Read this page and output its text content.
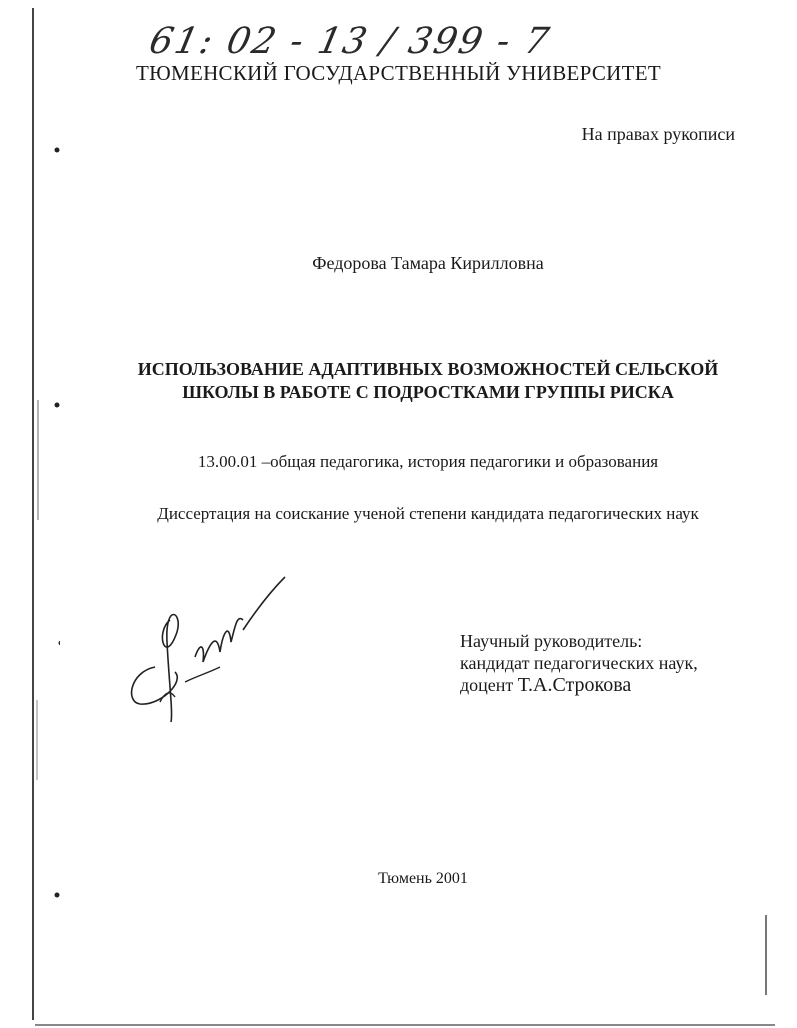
61: 02 - 13 / 399 - 7
ТЮМЕНСКИЙ ГОСУДАРСТВЕННЫЙ УНИВЕРСИТЕТ
На правах рукописи
Федорова Тамара Кирилловна
ИСПОЛЬЗОВАНИЕ АДАПТИВНЫХ ВОЗМОЖНОСТЕЙ СЕЛЬСКОЙ
ШКОЛЫ В РАБОТЕ С ПОДРОСТКАМИ ГРУППЫ РИСКА
13.00.01 –общая педагогика, история педагогики и образования
Диссертация на соискание ученой степени кандидата педагогических наук
Научный руководитель:
кандидат педагогических наук,
доцент Т.А.Строкова
Тюмень 2001
